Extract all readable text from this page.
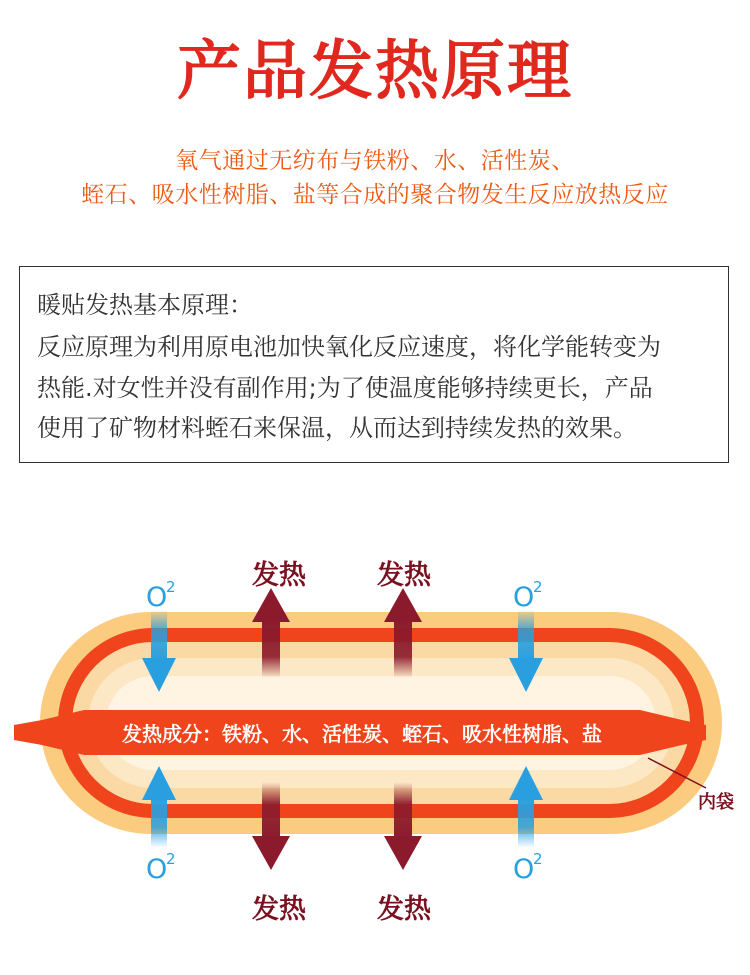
产品发热原理
氧气通过无纺布与铁粉、水、活性炭、
蛭石、吸水性树脂、盐等合成的聚合物发生反应放热反应

暖贴发热基本原理：

反应原理为利用原电池加快氧化反应速度，将化学能转变为

热能.对女性并没有副作用;为了使温度能够持续更长，产品

使用了矿物材料蛭石来保温，从而达到持续发热的效果。

发热成分：铁粉、水、活性炭、蛭石、吸水性树脂、盐
发热	发热
发热	发热
O
2	O
2
O
2	O
2
内袋
